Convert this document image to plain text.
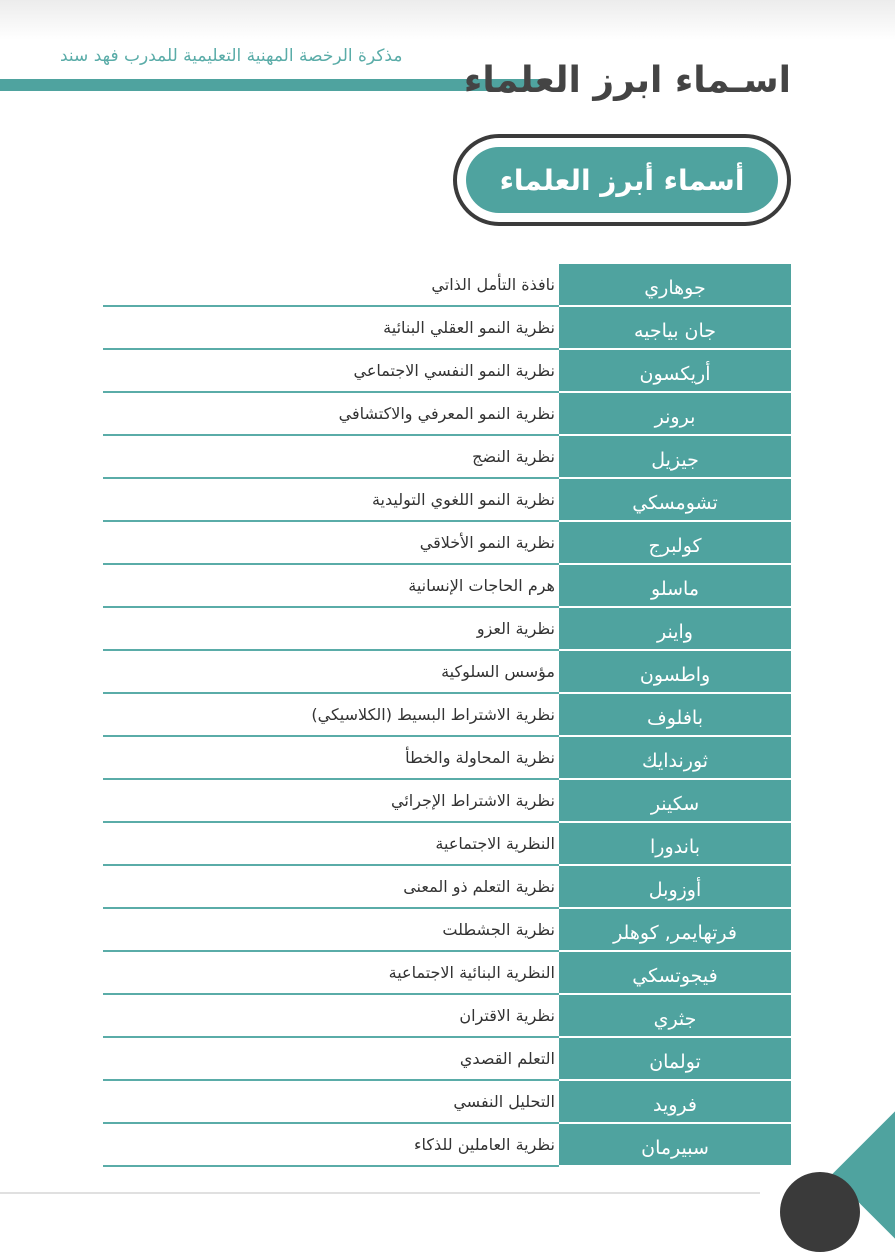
مذكرة الرخصة المهنية التعليمية للمدرب فهد سند
اسـماء ابرز العلماء
أسماء أبرز العلماء
جوهاري
نافذة التأمل الذاتي
جان بياجيه
نظرية النمو العقلي البنائية
أريكسون
نظرية النمو النفسي الاجتماعي
برونر
نظرية النمو المعرفي والاكتشافي
جيزيل
نظرية النضج
تشومسكي
نظرية النمو اللغوي التوليدية
كولبرج
نظرية النمو الأخلاقي
ماسلو
هرم الحاجات الإنسانية
واينر
نظرية العزو
واطسون
مؤسس السلوكية
بافلوف
نظرية الاشتراط البسيط (الكلاسيكي)
ثورندايك
نظرية المحاولة والخطأ
سكينر
نظرية الاشتراط الإجرائي
باندورا
النظرية الاجتماعية
أوزوبل
نظرية التعلم ذو المعنى
فرتهايمر, كوهلر
نظرية الجشطلت
فيجوتسكي
النظرية البنائية الاجتماعية
جثري
نظرية الاقتران
تولمان
التعلم القصدي
فرويد
التحليل النفسي
سبيرمان
نظرية العاملين للذكاء
